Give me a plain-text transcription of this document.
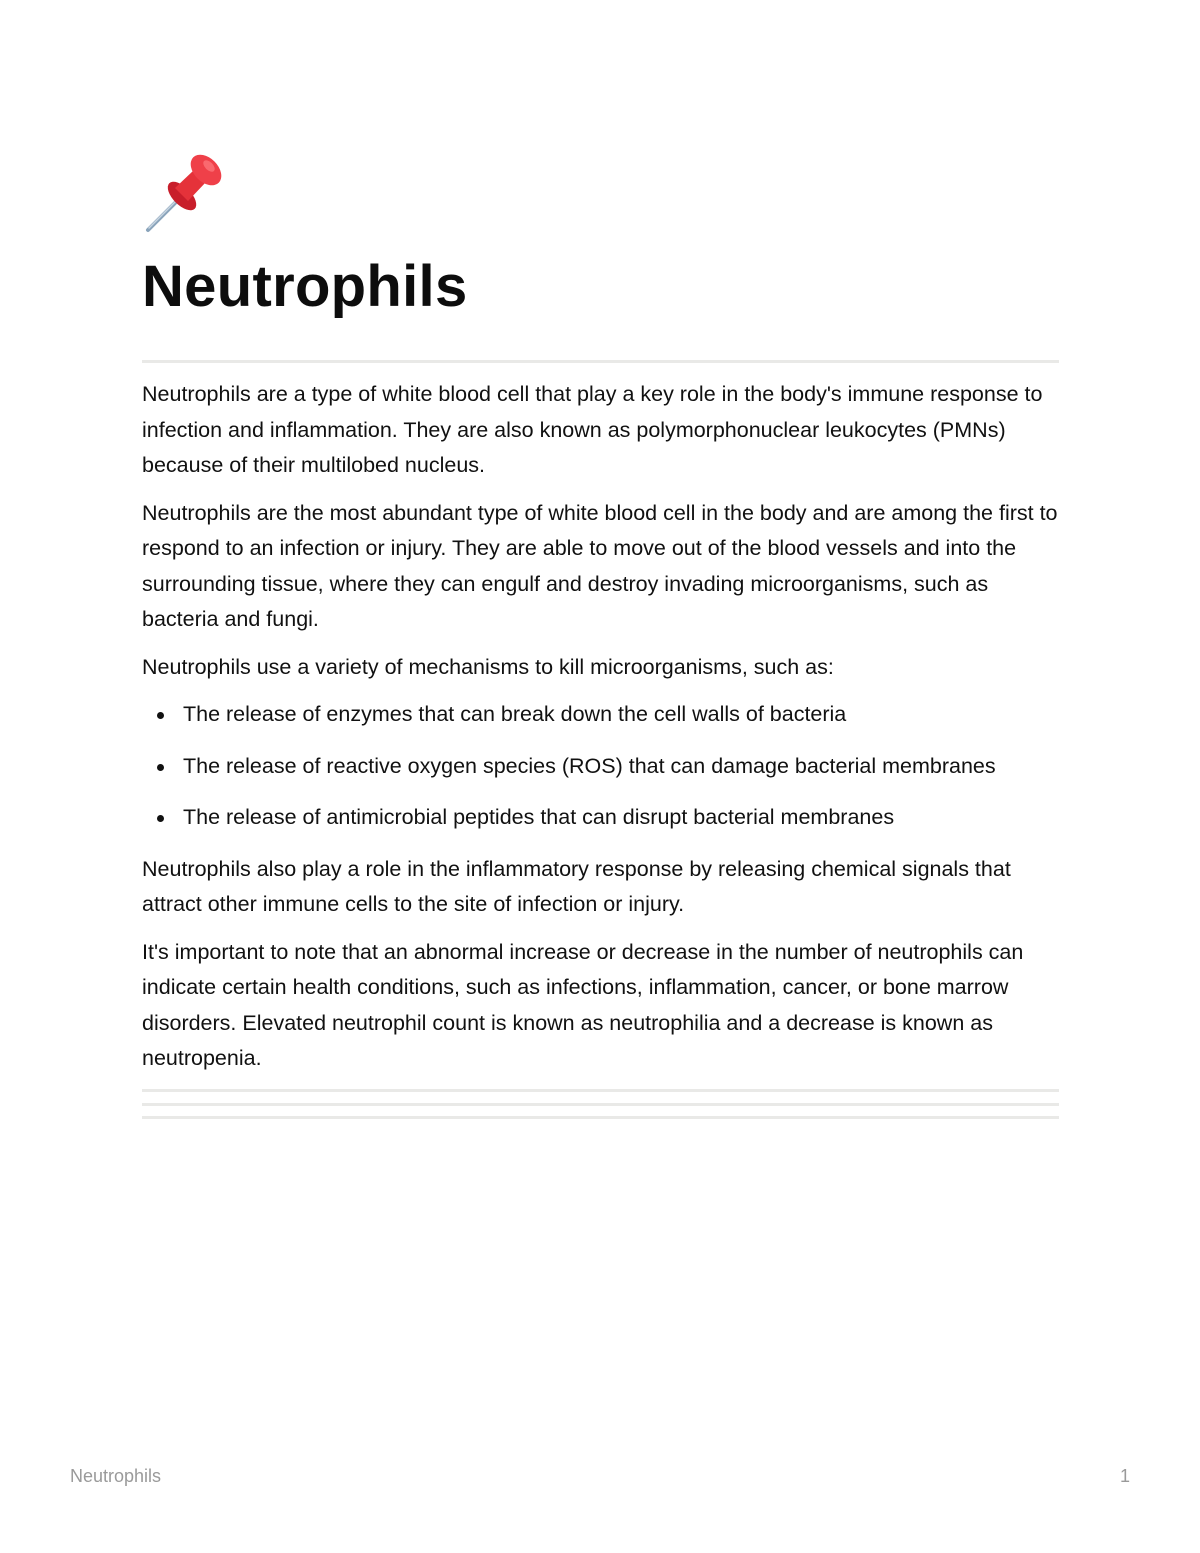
Neutrophils

Neutrophils are a type of white blood cell that play a key role in the body's immune response to infection and inflammation. They are also known as polymorphonuclear leukocytes (PMNs) because of their multilobed nucleus.

Neutrophils are the most abundant type of white blood cell in the body and are among the first to respond to an infection or injury. They are able to move out of the blood vessels and into the surrounding tissue, where they can engulf and destroy invading microorganisms, such as bacteria and fungi.

Neutrophils use a variety of mechanisms to kill microorganisms, such as:

The release of enzymes that can break down the cell walls of bacteria
The release of reactive oxygen species (ROS) that can damage bacterial membranes
The release of antimicrobial peptides that can disrupt bacterial membranes

Neutrophils also play a role in the inflammatory response by releasing chemical signals that attract other immune cells to the site of infection or injury.

It's important to note that an abnormal increase or decrease in the number of neutrophils can indicate certain health conditions, such as infections, inflammation, cancer, or bone marrow disorders. Elevated neutrophil count is known as neutrophilia and a decrease is known as neutropenia.

Neutrophils	1
